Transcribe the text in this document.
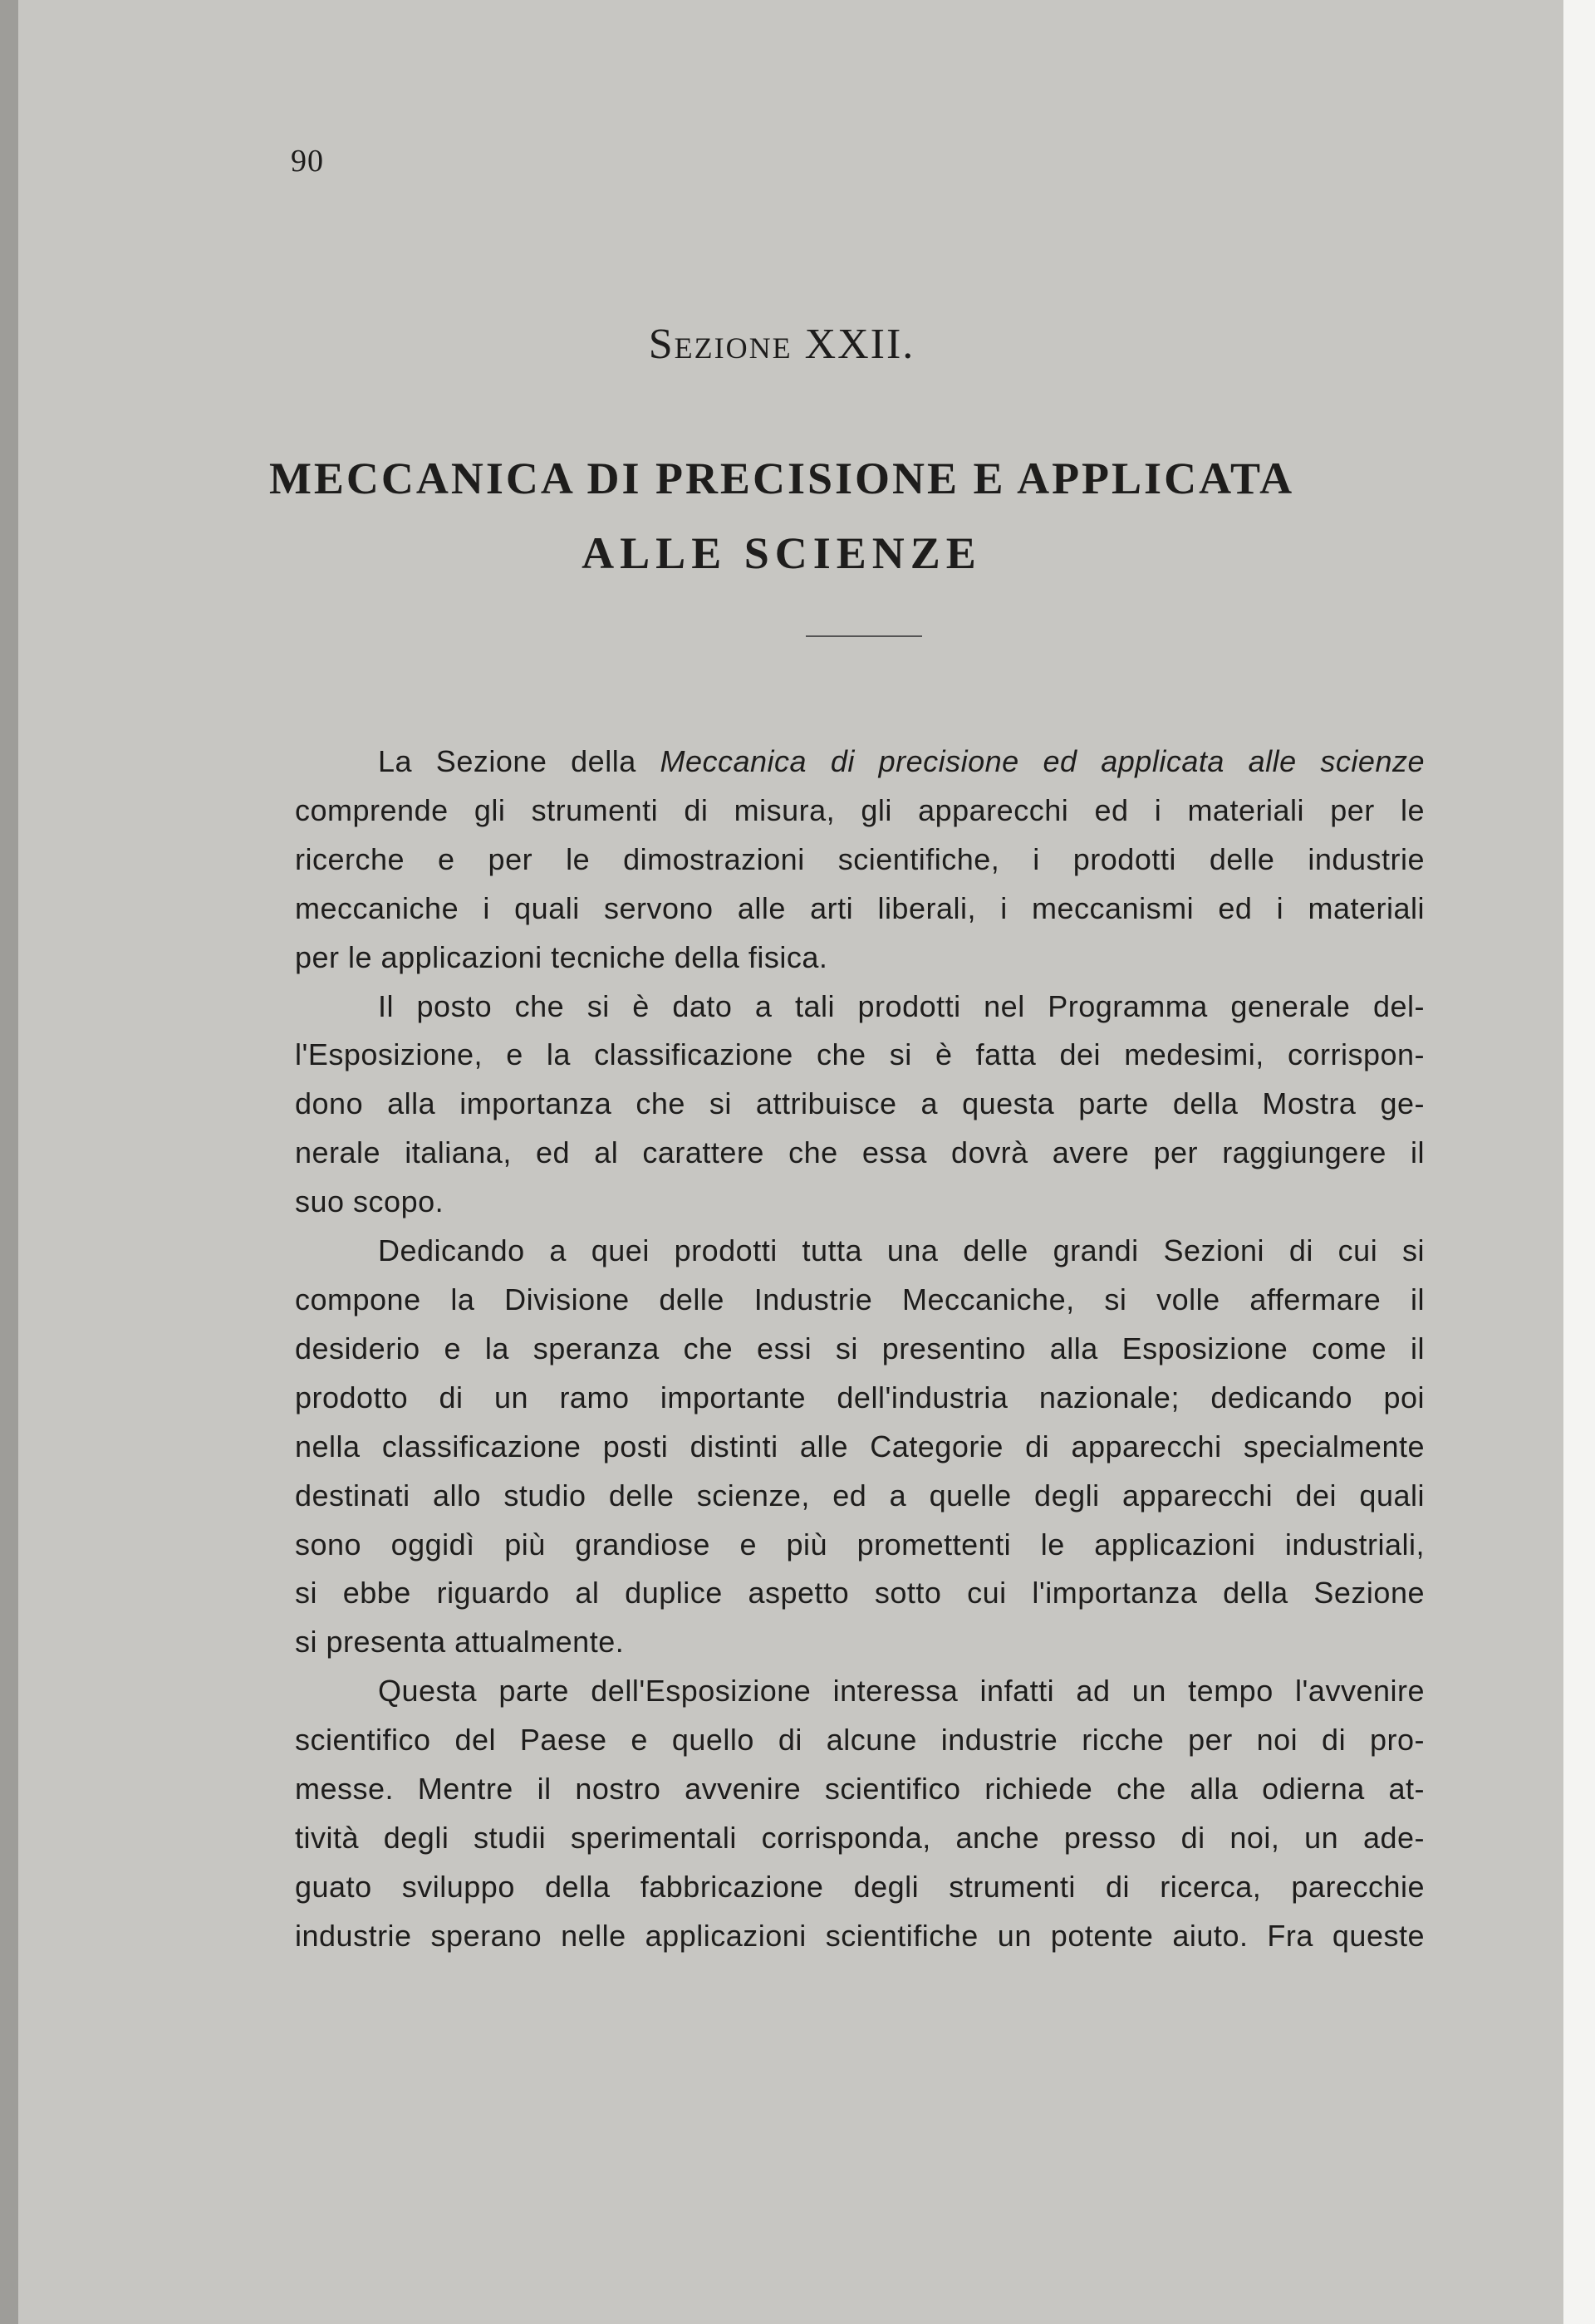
90
Sezione XXII.
MECCANICA DI PRECISIONE E APPLICATA
ALLE SCIENZE

La Sezione della Meccanica di precisione ed applicata alle scienze
comprende gli strumenti di misura, gli apparecchi ed i materiali per le
ricerche e per le dimostrazioni scientifiche, i prodotti delle industrie
meccaniche i quali servono alle arti liberali, i meccanismi ed i materiali
per le applicazioni tecniche della fisica.

Il posto che si è dato a tali prodotti nel Programma generale del-
l'Esposizione, e la classificazione che si è fatta dei medesimi, corrispon-
dono alla importanza che si attribuisce a questa parte della Mostra ge-
nerale italiana, ed al carattere che essa dovrà avere per raggiungere il
suo scopo.

Dedicando a quei prodotti tutta una delle grandi Sezioni di cui si
compone la Divisione delle Industrie Meccaniche, si volle affermare il
desiderio e la speranza che essi si presentino alla Esposizione come il
prodotto di un ramo importante dell'industria nazionale; dedicando poi
nella classificazione posti distinti alle Categorie di apparecchi specialmente
destinati allo studio delle scienze, ed a quelle degli apparecchi dei quali
sono oggidì più grandiose e più promettenti le applicazioni industriali,
si ebbe riguardo al duplice aspetto sotto cui l'importanza della Sezione
si presenta attualmente.

Questa parte dell'Esposizione interessa infatti ad un tempo l'avvenire
scientifico del Paese e quello di alcune industrie ricche per noi di pro-
messe. Mentre il nostro avvenire scientifico richiede che alla odierna at-
tività degli studii sperimentali corrisponda, anche presso di noi, un ade-
guato sviluppo della fabbricazione degli strumenti di ricerca, parecchie
industrie sperano nelle applicazioni scientifiche un potente aiuto. Fra queste
